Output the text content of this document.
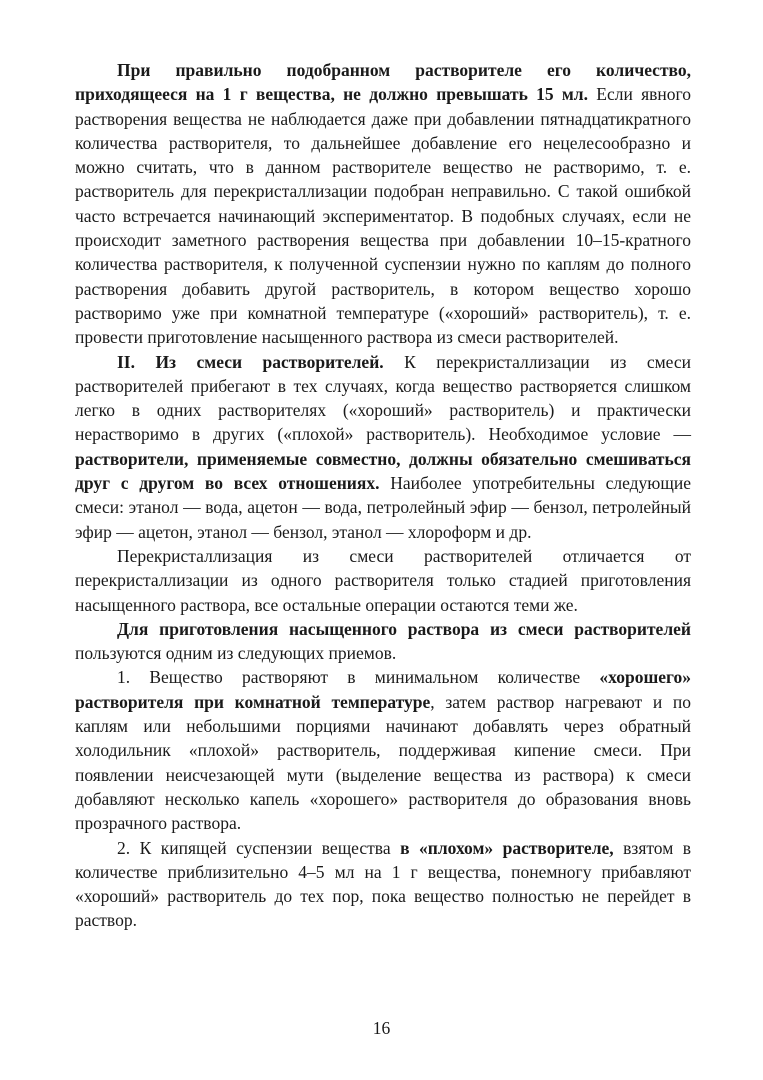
При правильно подобранном растворителе его количество, приходящееся на 1 г вещества, не должно превышать 15 мл. Если явного растворения вещества не наблюдается даже при добавлении пятнадцатикратного количества растворителя, то дальнейшее добавление его нецелесообразно и можно считать, что в данном растворителе вещество не растворимо, т. е. растворитель для перекристаллизации подобран неправильно. С такой ошибкой часто встречается начинающий экспериментатор. В подобных случаях, если не происходит заметного растворения вещества при добавлении 10–15-кратного количества растворителя, к полученной суспензии нужно по каплям до полного растворения добавить другой растворитель, в котором вещество хорошо растворимо уже при комнатной температуре («хороший» растворитель), т. е. провести приготовление насыщенного раствора из смеси растворителей.

II. Из смеси растворителей. К перекристаллизации из смеси растворителей прибегают в тех случаях, когда вещество растворяется слишком легко в одних растворителях («хороший» растворитель) и практически нерастворимо в других («плохой» растворитель). Необходимое условие — растворители, применяемые совместно, должны обязательно смешиваться друг с другом во всех отношениях. Наиболее употребительны следующие смеси: этанол — вода, ацетон — вода, петролейный эфир — бензол, петролейный эфир — ацетон, этанол — бензол, этанол — хлороформ и др.

Перекристаллизация из смеси растворителей отличается от перекристаллизации из одного растворителя только стадией приготовления насыщенного раствора, все остальные операции остаются теми же.

Для приготовления насыщенного раствора из смеси растворителей пользуются одним из следующих приемов.

1. Вещество растворяют в минимальном количестве «хорошего» растворителя при комнатной температуре, затем раствор нагревают и по каплям или небольшими порциями начинают добавлять через обратный холодильник «плохой» растворитель, поддерживая кипение смеси. При появлении неисчезающей мути (выделение вещества из раствора) к смеси добавляют несколько капель «хорошего» растворителя до образования вновь прозрачного раствора.

2. К кипящей суспензии вещества в «плохом» растворителе, взятом в количестве приблизительно 4–5 мл на 1 г вещества, понемногу прибавляют «хороший» растворитель до тех пор, пока вещество полностью не перейдет в раствор.

16
